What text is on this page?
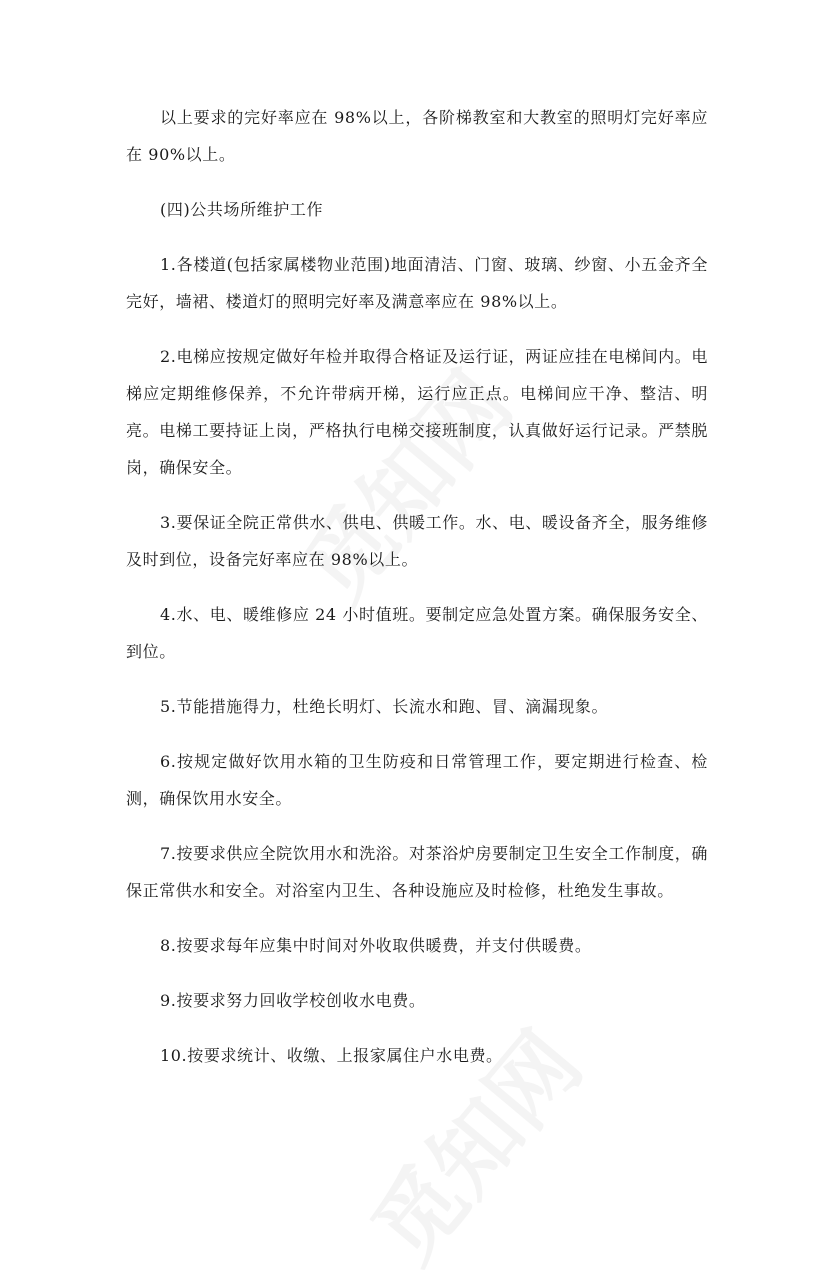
以上要求的完好率应在 98%以上，各阶梯教室和大教室的照明灯完好率应在 90%以上。

(四)公共场所维护工作

1.各楼道(包括家属楼物业范围)地面清洁、门窗、玻璃、纱窗、小五金齐全完好，墙裙、楼道灯的照明完好率及满意率应在 98%以上。

2.电梯应按规定做好年检并取得合格证及运行证，两证应挂在电梯间内。电梯应定期维修保养，不允许带病开梯，运行应正点。电梯间应干净、整洁、明亮。电梯工要持证上岗，严格执行电梯交接班制度，认真做好运行记录。严禁脱岗，确保安全。

3.要保证全院正常供水、供电、供暖工作。水、电、暖设备齐全，服务维修及时到位，设备完好率应在 98%以上。

4.水、电、暖维修应 24 小时值班。要制定应急处置方案。确保服务安全、到位。

5.节能措施得力，杜绝长明灯、长流水和跑、冒、滴漏现象。

6.按规定做好饮用水箱的卫生防疫和日常管理工作，要定期进行检查、检测，确保饮用水安全。

7.按要求供应全院饮用水和洗浴。对茶浴炉房要制定卫生安全工作制度，确保正常供水和安全。对浴室内卫生、各种设施应及时检修，杜绝发生事故。

8.按要求每年应集中时间对外收取供暖费，并支付供暖费。

9.按要求努力回收学校创收水电费。

10.按要求统计、收缴、上报家属住户水电费。
